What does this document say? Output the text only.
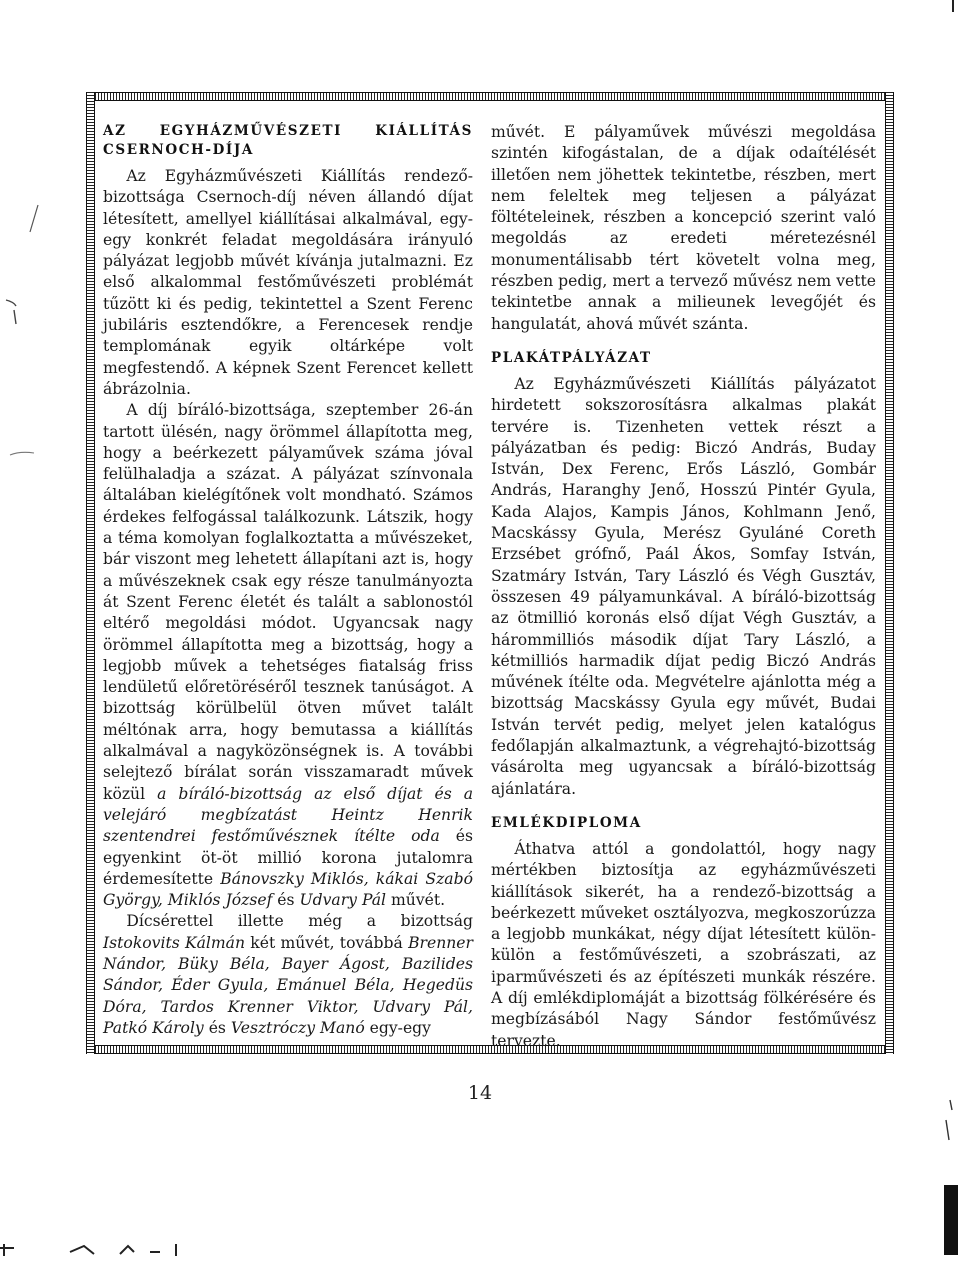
AZ EGYHÁZMŰVÉSZETI KIÁLLÍTÁS CSERNOCH-DÍJA

Az Egyházművészeti Kiállítás rendező-bizottsága Csernoch-díj néven állandó díjat létesített, amellyel kiállításai alkalmával, egy-egy konkrét feladat megoldására irányuló pályázat legjobb művét kívánja jutalmazni. Ez első alkalommal festőművészeti problémát tűzött ki és pedig, tekintettel a Szent Ferenc jubiláris esztendőkre, a Ferencesek rendje templomának egyik oltárképe volt megfestendő. A képnek Szent Ferencet kellett ábrázolnia.

A díj bíráló-bizottsága, szeptember 26-án tartott ülésén, nagy örömmel állapította meg, hogy a beérkezett pályaművek száma jóval felülhaladja a százat. A pályázat színvonala általában kielégítőnek volt mondható. Számos érdekes felfogással találkozunk. Látszik, hogy a téma komolyan foglalkoztatta a művészeket, bár viszont meg lehetett állapítani azt is, hogy a művészeknek csak egy része tanulmányozta át Szent Ferenc életét és talált a sablonostól eltérő megoldási módot. Ugyancsak nagy örömmel állapította meg a bizottság, hogy a legjobb művek a tehetséges fiatalság friss lendületű előretöréséről tesznek tanúságot. A bizottság körülbelül ötven művet talált méltónak arra, hogy bemutassa a kiállítás alkalmával a nagyközönségnek is. A további selejtező bírálat során visszamaradt művek közül a bíráló-bizottság az első díjat és a velejáró megbízatást Heintz Henrik szentendrei festőművésznek ítélte oda és egyenkint öt-öt millió korona jutalomra érdemesítette Bánovszky Miklós, kákai Szabó György, Miklós József és Udvary Pál művét.

Dícsérettel illette még a bizottság Istokovits Kálmán két művét, továbbá Brenner Nándor, Büky Béla, Bayer Ágost, Bazilides Sándor, Éder Gyula, Emánuel Béla, Hegedüs Dóra, Tardos Krenner Viktor, Udvary Pál, Patkó Károly és Vesztróczy Manó egy-egy

művét. E pályaművek művészi megoldása szintén kifogástalan, de a díjak odaítélését illetően nem jöhettek tekintetbe, részben, mert nem feleltek meg teljesen a pályázat föltételeinek, részben a koncepció szerint való megoldás az eredeti méretezésnél monumentálisabb tért követelt volna meg, részben pedig, mert a tervező művész nem vette tekintetbe annak a milieunek levegőjét és hangulatát, ahová művét szánta.

PLAKÁTPÁLYÁZAT

Az Egyházművészeti Kiállítás pályázatot hirdetett sokszorosításra alkalmas plakát tervére is. Tizenheten vettek részt a pályázatban és pedig: Biczó András, Buday István, Dex Ferenc, Erős László, Gombár András, Haranghy Jenő, Hosszú Pintér Gyula, Kada Alajos, Kampis János, Kohlmann Jenő, Macskássy Gyula, Merész Gyuláné Coreth Erzsébet grófnő, Paál Ákos, Somfay István, Szatmáry István, Tary László és Végh Gusztáv, összesen 49 pályamunkával. A bíráló-bizottság az ötmillió koronás első díjat Végh Gusztáv, a hárommilliós második díjat Tary László, a kétmilliós harmadik díjat pedig Biczó András művének ítélte oda. Megvételre ajánlotta még a bizottság Macskássy Gyula egy művét, Budai István tervét pedig, melyet jelen katalógus fedőlapján alkalmaztunk, a végrehajtó-bizottság vásárolta meg ugyancsak a bíráló-bizottság ajánlatára.

EMLÉKDIPLOMA

Áthatva attól a gondolattól, hogy nagy mértékben biztosítja az egyházművészeti kiállítások sikerét, ha a rendező-bizottság a beérkezett műveket osztályozva, megkoszorúzza a legjobb munkákat, négy díjat létesített külön-külön a festőművészeti, a szobrászati, az iparművészeti és az építészeti munkák részére. A díj emlékdiplomáját a bizottság fölkérésére és megbízásából Nagy Sándor festőművész tervezte.

14
